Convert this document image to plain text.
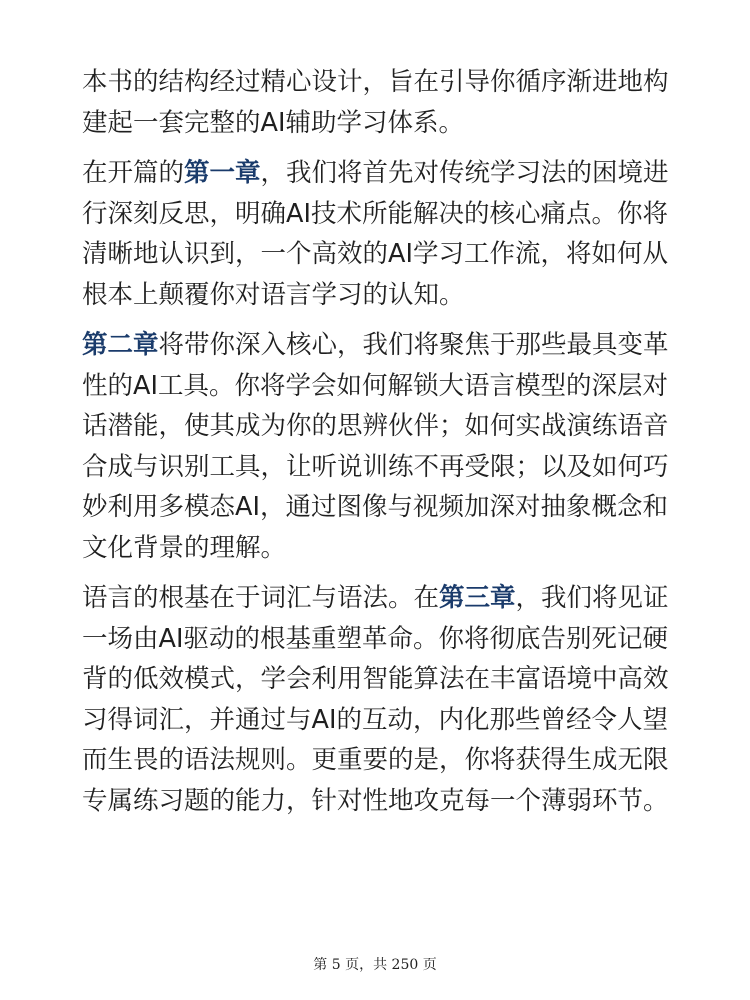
本书的结构经过精心设计，旨在引导你循序渐进地构建起一套完整的AI辅助学习体系。

在开篇的第一章，我们将首先对传统学习法的困境进行深刻反思，明确AI技术所能解决的核心痛点。你将清晰地认识到，一个高效的AI学习工作流，将如何从根本上颠覆你对语言学习的认知。

第二章将带你深入核心，我们将聚焦于那些最具变革性的AI工具。你将学会如何解锁大语言模型的深层对话潜能，使其成为你的思辨伙伴；如何实战演练语音合成与识别工具，让听说训练不再受限；以及如何巧妙利用多模态AI，通过图像与视频加深对抽象概念和文化背景的理解。

语言的根基在于词汇与语法。在第三章，我们将见证一场由AI驱动的根基重塑革命。你将彻底告别死记硬背的低效模式，学会利用智能算法在丰富语境中高效习得词汇，并通过与AI的互动，内化那些曾经令人望而生畏的语法规则。更重要的是，你将获得生成无限专属练习题的能力，针对性地攻克每一个薄弱环节。

第 5 页，共 250 页
